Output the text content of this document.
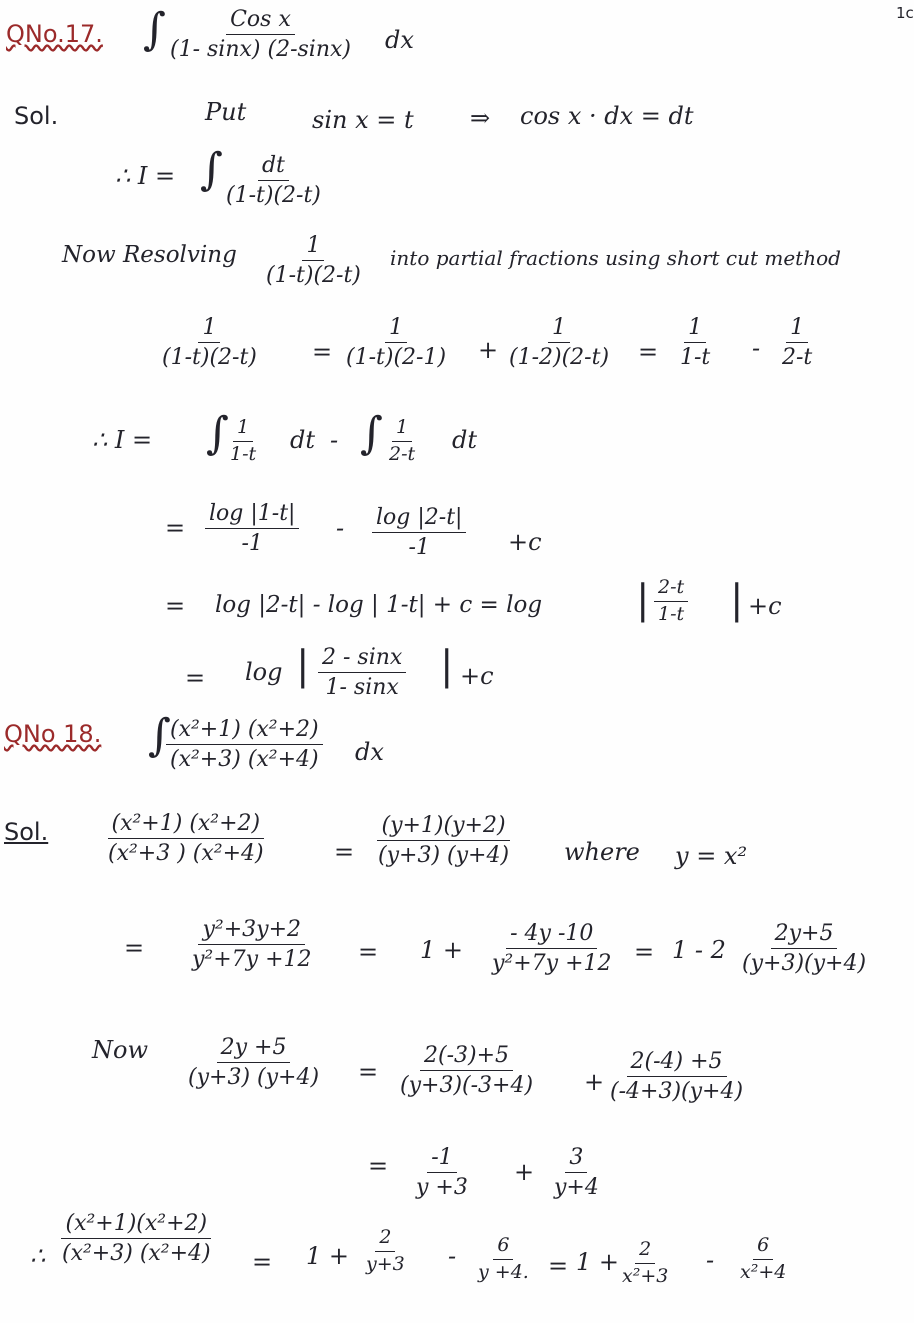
1c
QNo.17. ∫	Cos x
(1- sinx) (2-sinx) dx
Sol.	Put	sin x = t ⇒ cos x · dx = dt
∴ I = ∫ $\frac{dt}{(1-t)(2-t)}$
Now Resolving $\frac{1}{(1-t)(2-t)}$ into partial fractions using short cut method
$\frac{1}{(1-t)(2-t)} = \frac{1}{(1-t)(2-1)} + \frac{1}{(1-2)(2-t)} = \frac{1}{1-t} - \frac{1}{2-t}$
∴ I = ∫
$\frac{1}{1-t}$ dt - ∫ $\frac{1}{2-t}$ dt
= $\frac{\log |1-t|}{-1} - \frac{\log |2-t|}{-1} +c$
= log |2-t| - log | 1-t| + c = log | $\frac{2-t}{1-t}$ | +c
= log | $\frac{2 - \sin x}{1- \sin x}$ | +c
QNo 18. ∫
$\frac{\text{(x²+1) (x²+2)}}{\text{(x²+3) (x²+4)}}$ dx
Sol.	$\frac{\text{(x²+1) (x²+2)}}{\text{(x²+3 ) (x²+4)}}$	= $\frac{(y+1)(y+2)}{(y+3) (y+4)}$ where y = x²
= $\frac{\text{y²+3y+2}}{\text{y²+7y +12}} = 1 + \frac{- 4y -10}{\text{y²+7y +12}} = 1 - 2 \frac{2y+5}{(y+3)(y+4)}$
Now $\frac{2y +5}{(y+3) (y+4)} = \frac{2(-3)+5}{(y+3)(-3+4)} + \frac{2(-4) +5}{(-4+3)(y+4)}$
= $\frac{-1}{y +3} + \frac{3}{y+4}$
∴ $\frac{\text{(x²+1)(x²+2)}}{\text{(x²+3) (x²+4)}} = 1 + \frac{2}{y+3} - \frac{6}{y +4.} = 1$ +
$\frac{2}{\text{x²+3}} - \frac{6}{\text{x²+4}}$
